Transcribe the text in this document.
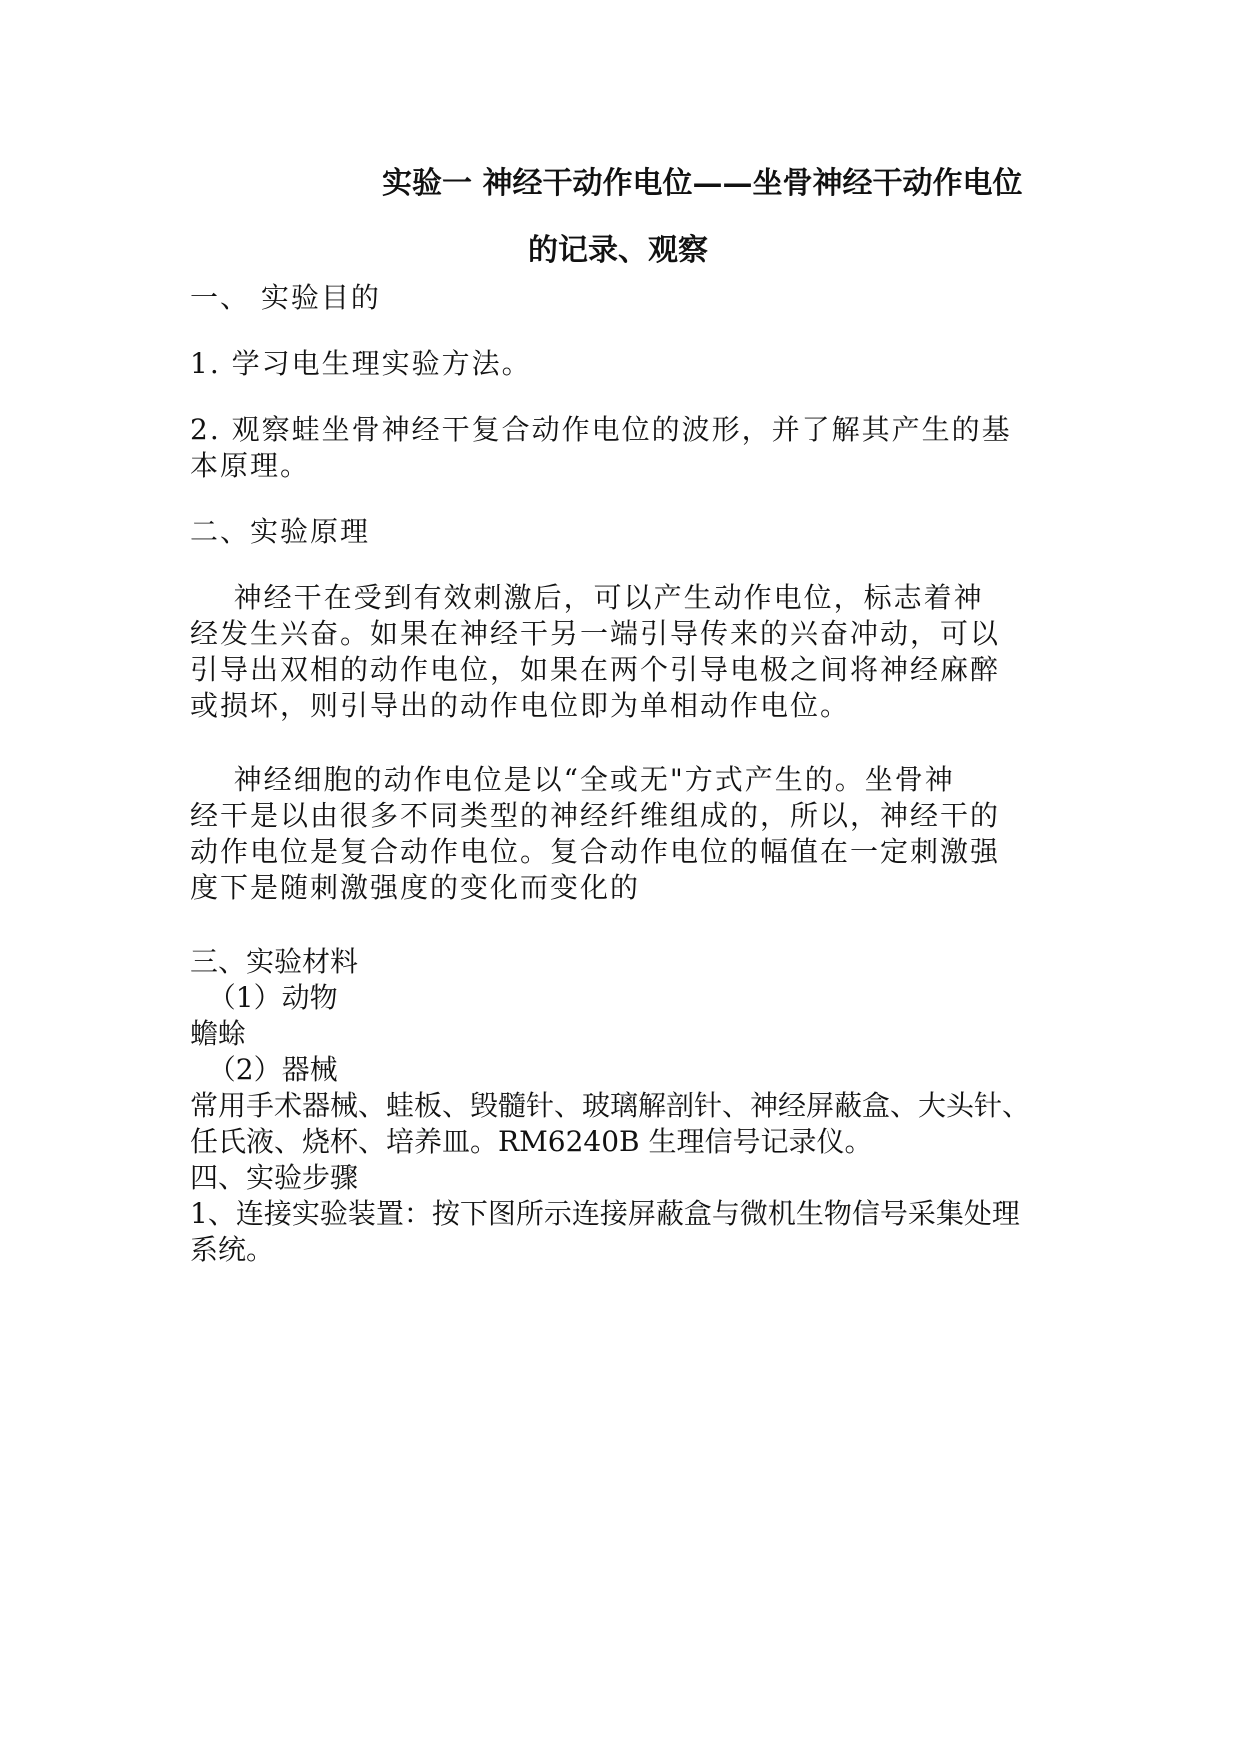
实验一 神经干动作电位——坐骨神经干动作电位
的记录、观察
一、 实验目的
1. 学习电生理实验方法。
2. 观察蛙坐骨神经干复合动作电位的波形，并了解其产生的基
本原理。
二、实验原理
神经干在受到有效刺激后，可以产生动作电位，标志着神
经发生兴奋。如果在神经干另一端引导传来的兴奋冲动，可以
引导出双相的动作电位，如果在两个引导电极之间将神经麻醉
或损坏，则引导出的动作电位即为单相动作电位。
神经细胞的动作电位是以“全或无"方式产生的。坐骨神
经干是以由很多不同类型的神经纤维组成的，所以，神经干的
动作电位是复合动作电位。复合动作电位的幅值在一定刺激强
度下是随刺激强度的变化而变化的
三、实验材料
（1）动物
蟾蜍
（2）器械
常用手术器械、蛙板、毁髓针、玻璃解剖针、神经屏蔽盒、大头针、
任氏液、烧杯、培养皿。RM6240B 生理信号记录仪。
四、实验步骤
1、连接实验装置：按下图所示连接屏蔽盒与微机生物信号采集处理
系统。
